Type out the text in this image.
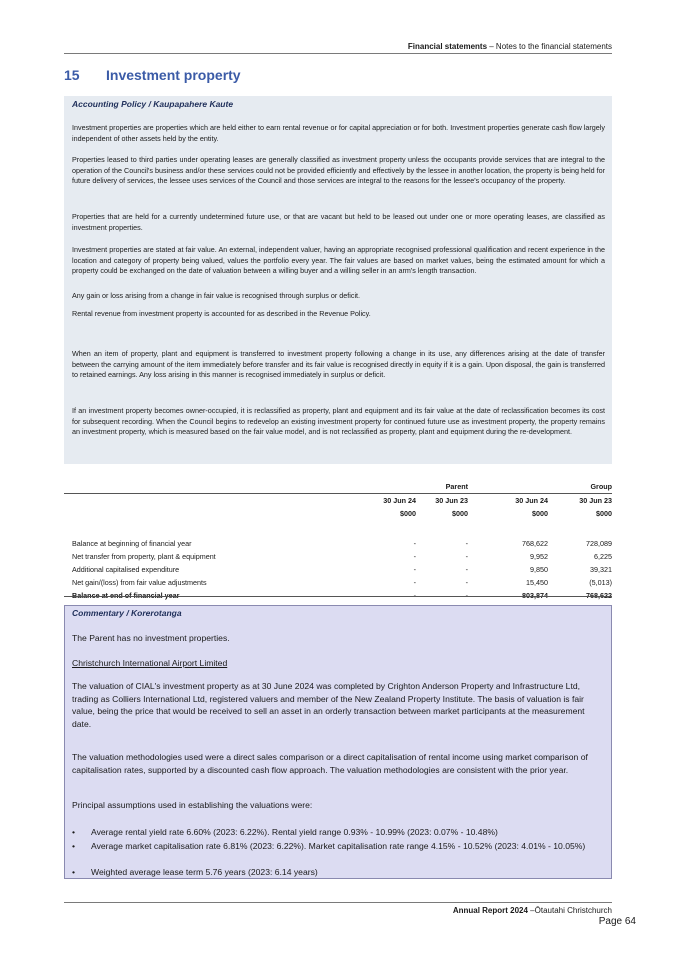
Financial statements – Notes to the financial statements
15 Investment property
Accounting Policy / Kaupapahere Kaute
Investment properties are properties which are held either to earn rental revenue or for capital appreciation or for both. Investment properties generate cash flow largely independent of other assets held by the entity.
Properties leased to third parties under operating leases are generally classified as investment property unless the occupants provide services that are integral to the operation of the Council's business and/or these services could not be provided efficiently and effectively by the lessee in another location, the property is being held for future delivery of services, the lessee uses services of the Council and those services are integral to the reasons for the lessee's occupancy of the property.
Properties that are held for a currently undetermined future use, or that are vacant but held to be leased out under one or more operating leases, are classified as investment properties.
Investment properties are stated at fair value. An external, independent valuer, having an appropriate recognised professional qualification and recent experience in the location and category of property being valued, values the portfolio every year. The fair values are based on market values, being the estimated amount for which a property could be exchanged on the date of valuation between a willing buyer and a willing seller in an arm's length transaction.
Any gain or loss arising from a change in fair value is recognised through surplus or deficit.
Rental revenue from investment property is accounted for as described in the Revenue Policy.
When an item of property, plant and equipment is transferred to investment property following a change in its use, any differences arising at the date of transfer between the carrying amount of the item immediately before transfer and its fair value is recognised directly in equity if it is a gain. Upon disposal, the gain is transferred to retained earnings. Any loss arising in this manner is recognised immediately in surplus or deficit.
If an investment property becomes owner-occupied, it is reclassified as property, plant and equipment and its fair value at the date of reclassification becomes its cost for subsequent recording. When the Council begins to redevelop an existing investment property for continued future use as investment property, the property remains an investment property, which is measured based on the fair value model, and is not reclassified as property, plant and equipment during the re-development.
	Parent			Group	
	30 Jun 24	30 Jun 23		30 Jun 24	30 Jun 23
	$000	$000		$000	$000

Balance at beginning of financial year	-	-		768,622	728,089
Net transfer from property, plant & equipment	-	-		9,952	6,225
Additional capitalised expenditure	-	-		9,850	39,321
Net gain/(loss) from fair value adjustments	-	-		15,450	(5,013)
Balance at end of financial year	-	-		803,874	768,622
Commentary / Korerotanga
The Parent has no investment properties.
Christchurch International Airport Limited
The valuation of CIAL's investment property as at 30 June 2024 was completed by Crighton Anderson Property and Infrastructure Ltd, trading as Colliers International Ltd, registered valuers and member of the New Zealand Property Institute. The basis of valuation is fair value, being the price that would be received to sell an asset in an orderly transaction between market participants at the measurement date.
The valuation methodologies used were a direct sales comparison or a direct capitalisation of rental income using market comparison of capitalisation rates, supported by a discounted cash flow approach. The valuation methodologies are consistent with the prior year.
Principal assumptions used in establishing the valuations were:
• Average rental yield rate 6.60% (2023: 6.22%). Rental yield range 0.93% - 10.99% (2023: 0.07% - 10.48%)
• Average market capitalisation rate 6.81% (2023: 6.22%). Market capitalisation rate range 4.15% - 10.52% (2023: 4.01% - 10.05%)
• Weighted average lease term 5.76 years (2023: 6.14 years)
Annual Report 2024 –Ōtautahi Christchurch
Page 64
